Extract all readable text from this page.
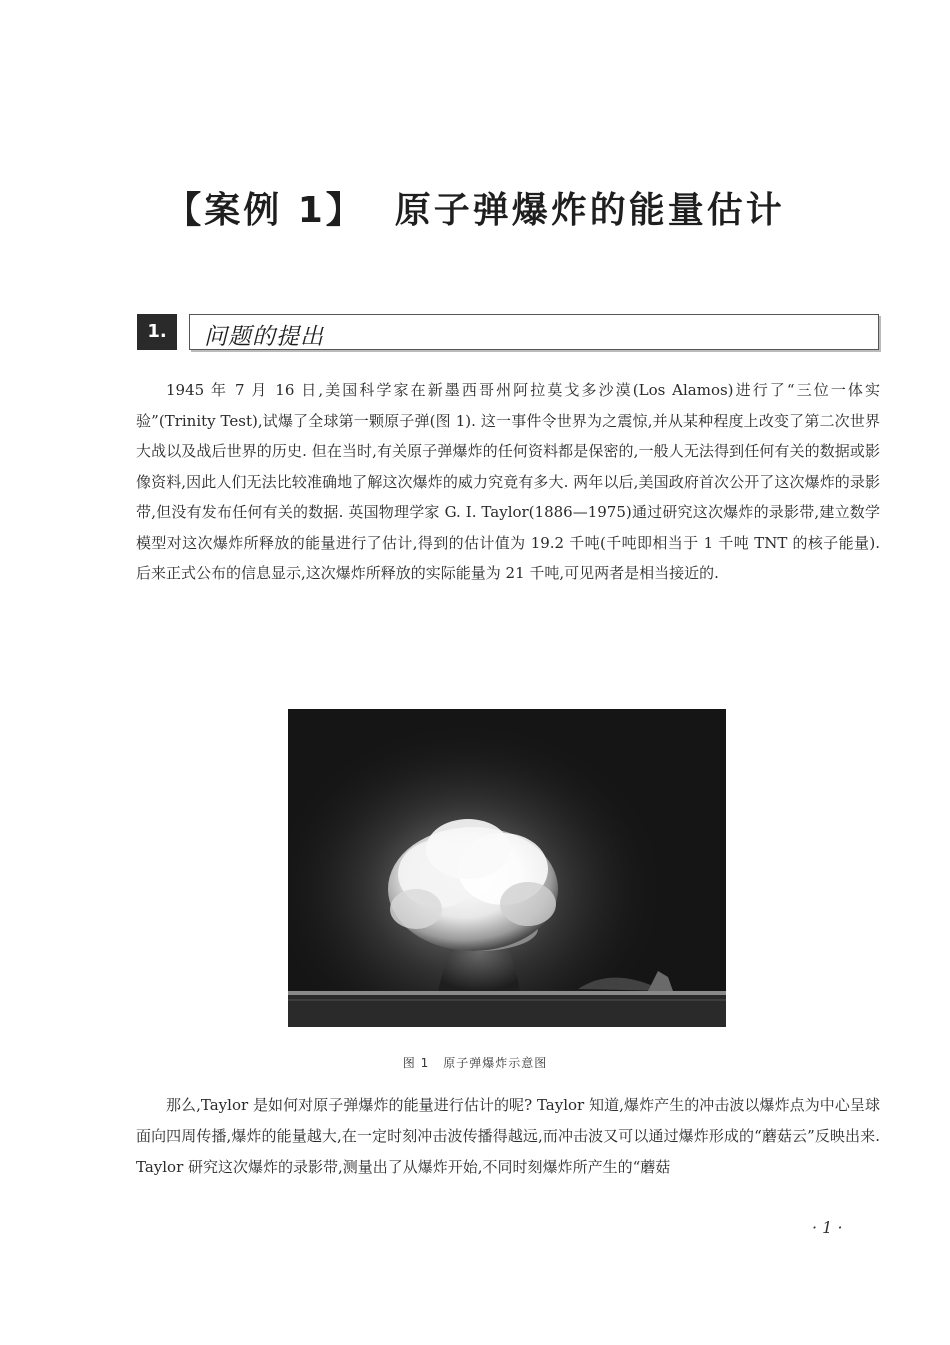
【案例 1】 原子弹爆炸的能量估计
1.	问题的提出

1945 年 7 月 16 日,美国科学家在新墨西哥州阿拉莫戈多沙漠(Los Alamos)进行了“三位一体实验”(Trinity Test),试爆了全球第一颗原子弹(图 1). 这一事件令世界为之震惊,并从某种程度上改变了第二次世界大战以及战后世界的历史. 但在当时,有关原子弹爆炸的任何资料都是保密的,一般人无法得到任何有关的数据或影像资料,因此人们无法比较准确地了解这次爆炸的威力究竟有多大. 两年以后,美国政府首次公开了这次爆炸的录影带,但没有发布任何有关的数据. 英国物理学家 G. I. Taylor(1886—1975)通过研究这次爆炸的录影带,建立数学模型对这次爆炸所释放的能量进行了估计,得到的估计值为 19.2 千吨(千吨即相当于 1 千吨 TNT 的核子能量). 后来正式公布的信息显示,这次爆炸所释放的实际能量为 21 千吨,可见两者是相当接近的.

图 1 原子弹爆炸示意图

那么,Taylor 是如何对原子弹爆炸的能量进行估计的呢? Taylor 知道,爆炸产生的冲击波以爆炸点为中心呈球面向四周传播,爆炸的能量越大,在一定时刻冲击波传播得越远,而冲击波又可以通过爆炸形成的“蘑菇云”反映出来. Taylor 研究这次爆炸的录影带,测量出了从爆炸开始,不同时刻爆炸所产生的“蘑菇

· 1 ·
